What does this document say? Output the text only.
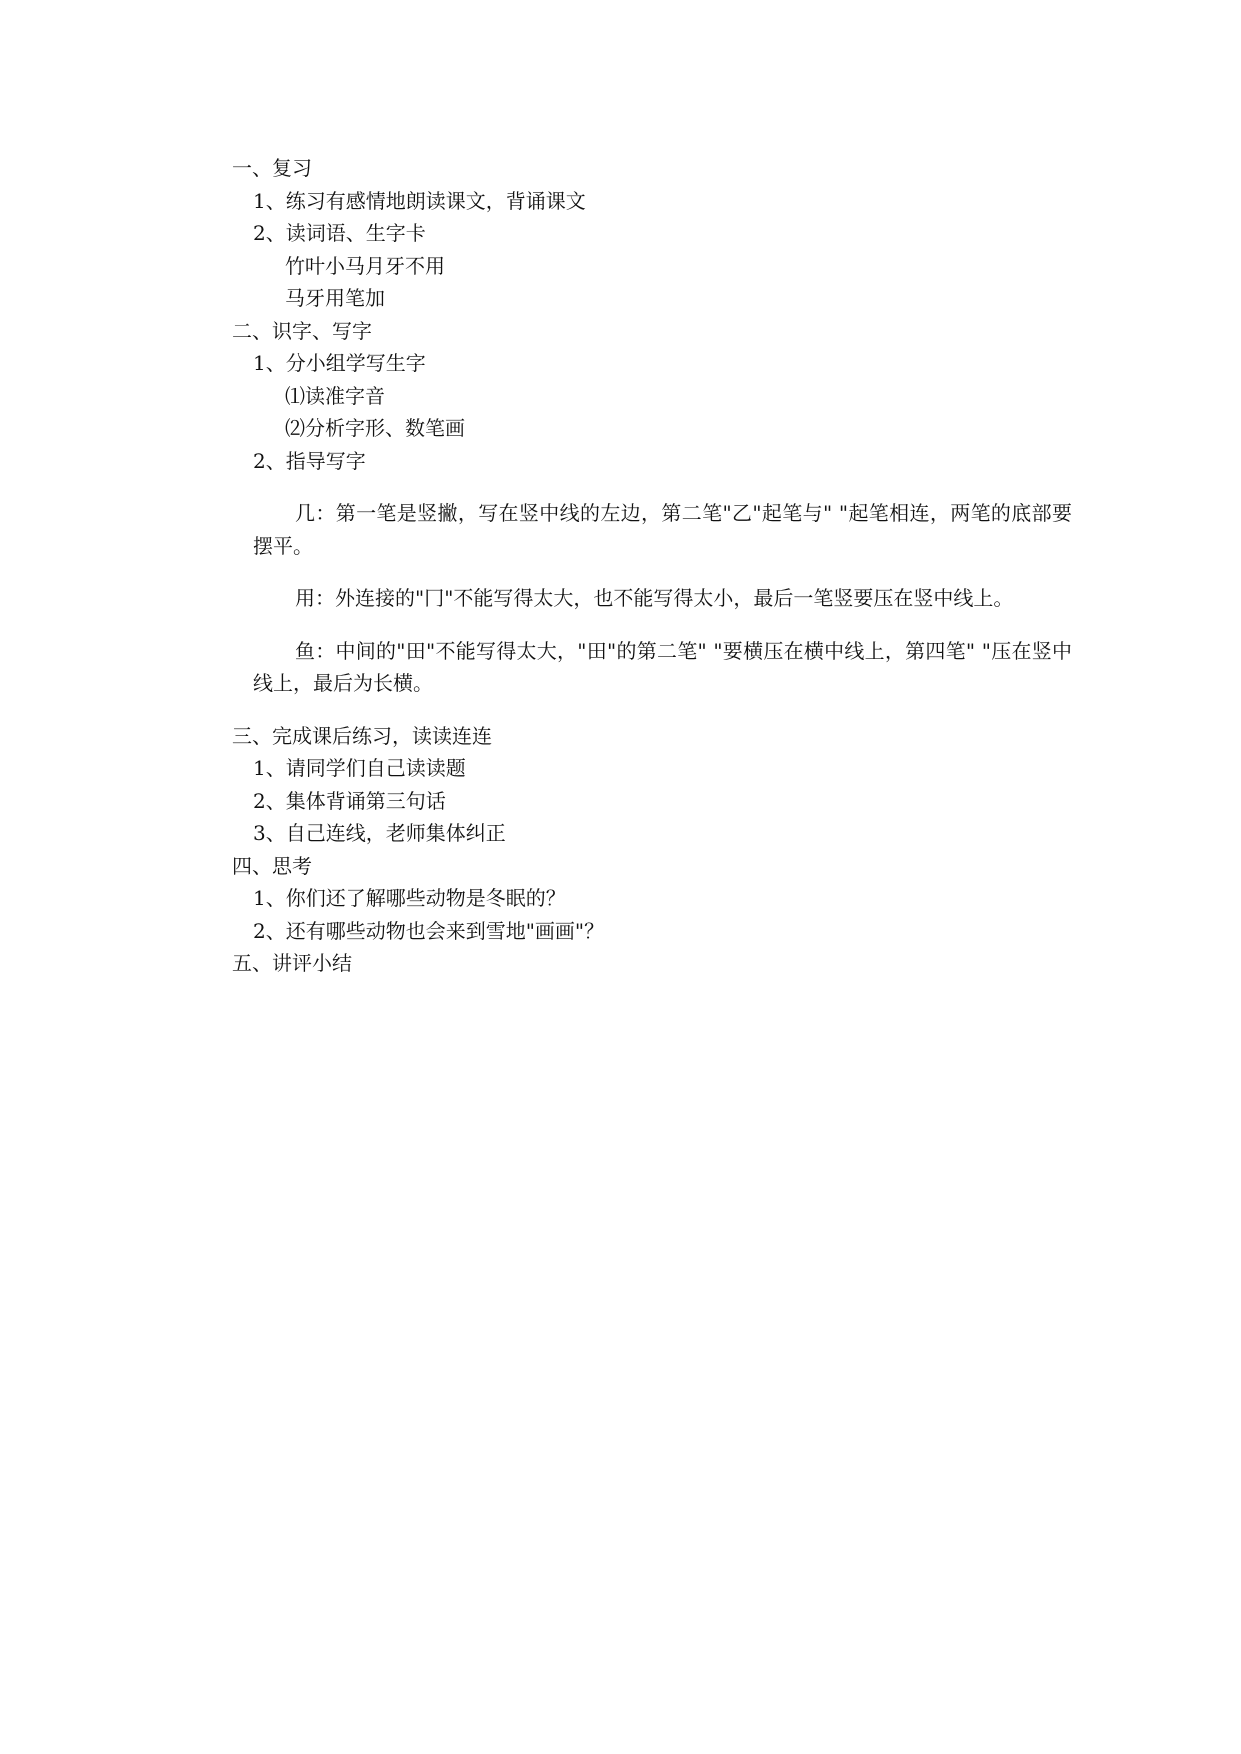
一、复习

1、练习有感情地朗读课文，背诵课文

2、读词语、生字卡

竹叶小马月牙不用

马牙用笔加

二、识字、写字

1、分小组学写生字

⑴读准字音

⑵分析字形、数笔画

2、指导写字

几：第一笔是竖撇，写在竖中线的左边，第二笔"乙"起笔与" "起笔相连，两笔的底部要摆平。

用：外连接的"冂"不能写得太大，也不能写得太小，最后一笔竖要压在竖中线上。

鱼：中间的"田"不能写得太大，"田"的第二笔" "要横压在横中线上，第四笔" "压在竖中线上，最后为长横。

三、完成课后练习，读读连连

1、请同学们自己读读题

2、集体背诵第三句话

3、自己连线，老师集体纠正

四、思考

1、你们还了解哪些动物是冬眠的？

2、还有哪些动物也会来到雪地"画画"？

五、讲评小结
